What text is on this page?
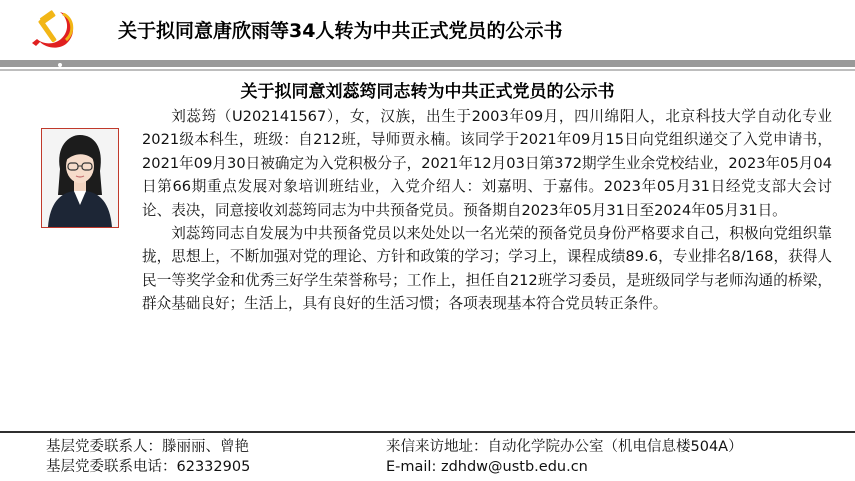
关于拟同意唐欣雨等34人转为中共正式党员的公示书
关于拟同意刘蕊筠同志转为中共正式党员的公示书

刘蕊筠（U202141567），女，汉族，出生于2003年09月，四川绵阳人，北京科技大学自动化专业2021级本科生，班级：自212班，导师贾永楠。该同学于2021年09月15日向党组织递交了入党申请书，2021年09月30日被确定为入党积极分子，2021年12月03日第372期学生业余党校结业，2023年05月04日第66期重点发展对象培训班结业，入党介绍人：刘嘉明、于嘉伟。2023年05月31日经党支部大会讨论、表决，同意接收刘蕊筠同志为中共预备党员。预备期自2023年05月31日至2024年05月31日。

刘蕊筠同志自发展为中共预备党员以来处处以一名光荣的预备党员身份严格要求自己，积极向党组织靠拢，思想上，不断加强对党的理论、方针和政策的学习；学习上，课程成绩89.6，专业排名8/168，获得人民一等奖学金和优秀三好学生荣誉称号；工作上，担任自212班学习委员，是班级同学与老师沟通的桥梁，群众基础良好；生活上，具有良好的生活习惯；各项表现基本符合党员转正条件。

基层党委联系人：滕丽丽、曾艳
基层党委联系电话：62332905
来信来访地址：自动化学院办公室（机电信息楼504A）
E-mail: zdhdw@ustb.edu.cn
